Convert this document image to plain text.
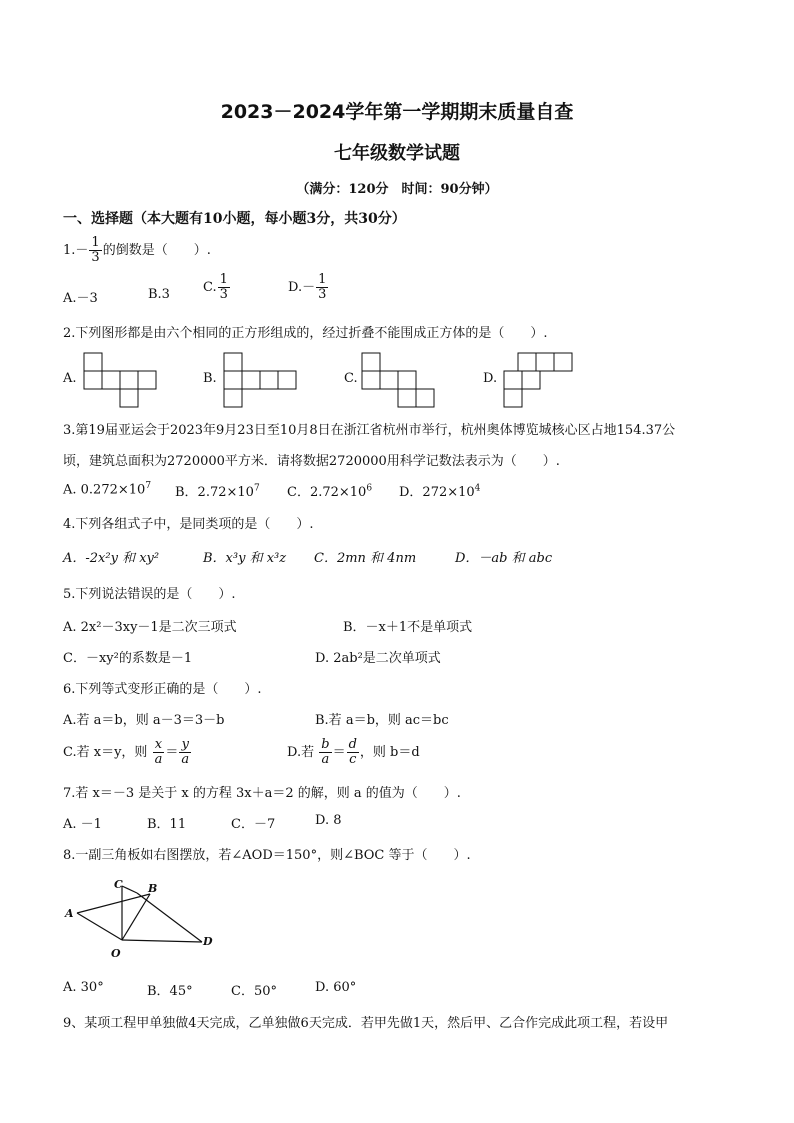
2023－2024学年第一学期期末质量自查
七年级数学试题
（满分：120分　时间：90分钟）
一、选择题（本大题有10小题，每小题3分，共30分）
$1.- \frac{1}{3}$ 的倒数是（　　）.
A.－3	B.3	C. $\frac{1}{3}$	$D.- \frac{1}{3}$
2.下列图形都是由六个相同的正方形组成的，经过折叠不能围成正方体的是（　　）.
A.	B.	C.	D.
3.第19届亚运会于2023年9月23日至10月8日在浙江省杭州市举行，杭州奥体博览城核心区占地154.37公
顷，建筑总面积为2720000平方米．请将数据2720000用科学记数法表示为（　　）.
A. $0.272\times 10^7$ B．$2.72\times 10^7$ C．$2.72\times 10^6$ D．$272\times 10^4$
4.下列各组式子中，是同类项的是（　　）.
A．-2x²y 和 xy²	B．x³y 和 x³z C．2mn 和 4nm	D．－ab 和 abc
5.下列说法错误的是（　　）.
A. 2x²－3xy－1是二次三项式	B．－x＋1不是单项式
C．－xy²的系数是－1	D. 2ab²是二次单项式
6.下列等式变形正确的是（　　）.
A.若 a＝b，则 a－3＝3－b	B.若 a＝b，则 ac＝bc
C.若 x＝y，则 $\frac{x}{a} = \frac{y}{a}$	D.若 $\frac{b}{a} = \frac{d}{c}$ ，则 b＝d
7.若 x＝－3 是关于 x 的方程 3x＋a＝2 的解，则 a 的值为（　　）.
A. －1	B．11	C．－7	D. 8
8.一副三角板如右图摆放，若∠AOD＝150°，则∠BOC 等于（　　）.
A
C B
D
O
A. 30°	B．45°	C．50°	D. 60°
9、某项工程甲单独做4天完成，乙单独做6天完成．若甲先做1天，然后甲、乙合作完成此项工程，若设甲
